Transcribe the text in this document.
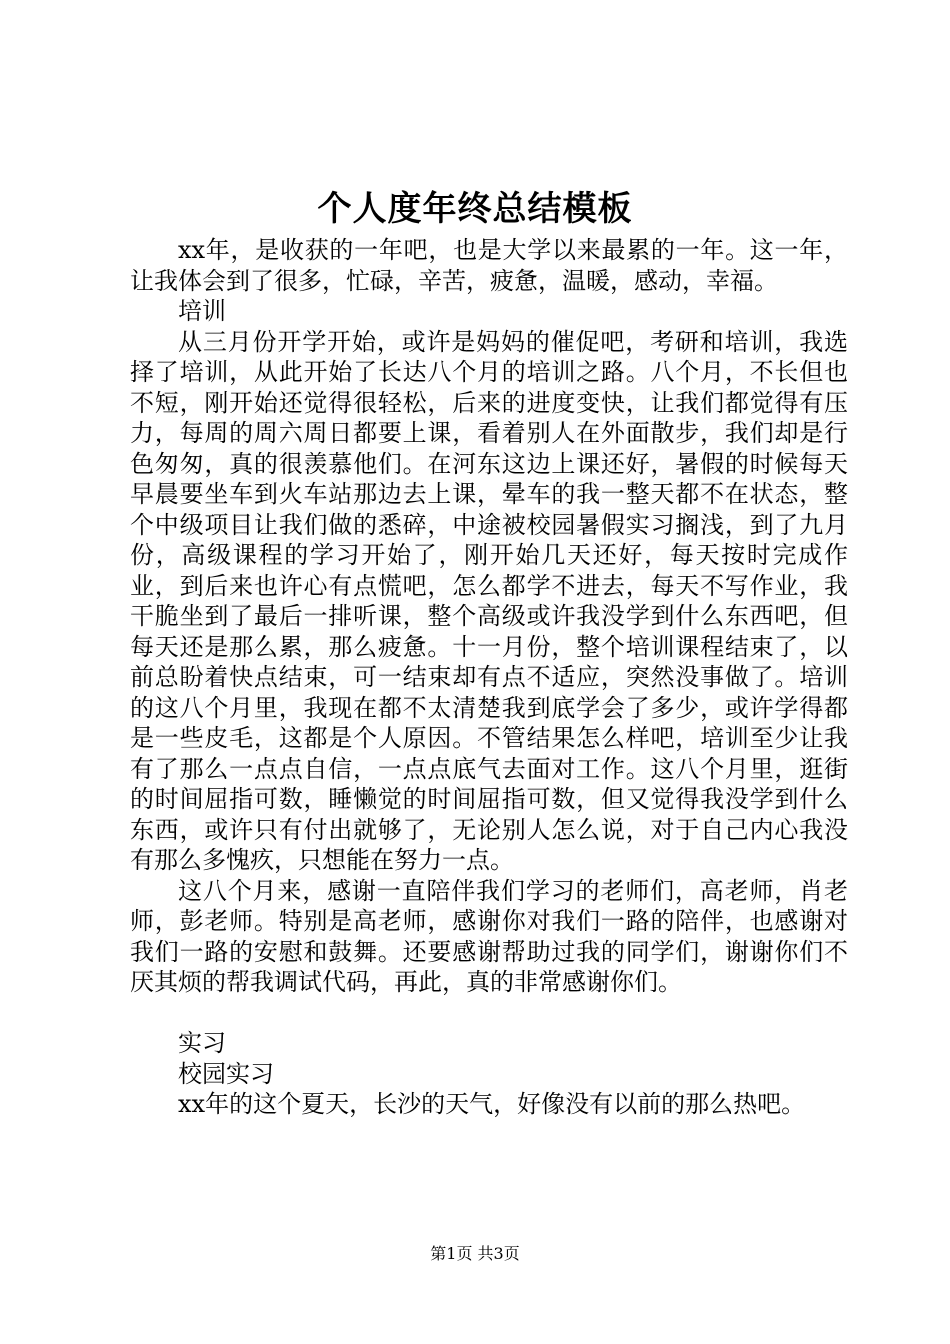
个人度年终总结模板

xx年，是收获的一年吧，也是大学以来最累的一年。这一年，让我体会到了很多，忙碌，辛苦，疲惫，温暖，感动，幸福。

培训

从三月份开学开始，或许是妈妈的催促吧，考研和培训，我选择了培训，从此开始了长达八个月的培训之路。八个月，不长但也不短，刚开始还觉得很轻松，后来的进度变快，让我们都觉得有压力，每周的周六周日都要上课，看着别人在外面散步，我们却是行色匆匆，真的很羡慕他们。在河东这边上课还好，暑假的时候每天早晨要坐车到火车站那边去上课，晕车的我一整天都不在状态，整个中级项目让我们做的悉碎，中途被校园暑假实习搁浅，到了九月份，高级课程的学习开始了，刚开始几天还好，每天按时完成作业，到后来也许心有点慌吧，怎么都学不进去，每天不写作业，我干脆坐到了最后一排听课，整个高级或许我没学到什么东西吧，但每天还是那么累，那么疲惫。十一月份，整个培训课程结束了，以前总盼着快点结束，可一结束却有点不适应，突然没事做了。培训的这八个月里，我现在都不太清楚我到底学会了多少，或许学得都是一些皮毛，这都是个人原因。不管结果怎么样吧，培训至少让我有了那么一点点自信，一点点底气去面对工作。这八个月里，逛街的时间屈指可数，睡懒觉的时间屈指可数，但又觉得我没学到什么东西，或许只有付出就够了，无论别人怎么说，对于自己内心我没有那么多愧疚，只想能在努力一点。

这八个月来，感谢一直陪伴我们学习的老师们，高老师，肖老师，彭老师。特别是高老师，感谢你对我们一路的陪伴，也感谢对我们一路的安慰和鼓舞。还要感谢帮助过我的同学们，谢谢你们不厌其烦的帮我调试代码，再此，真的非常感谢你们。

实习

校园实习

xx年的这个夏天，长沙的天气，好像没有以前的那么热吧。

第1页 共3页
